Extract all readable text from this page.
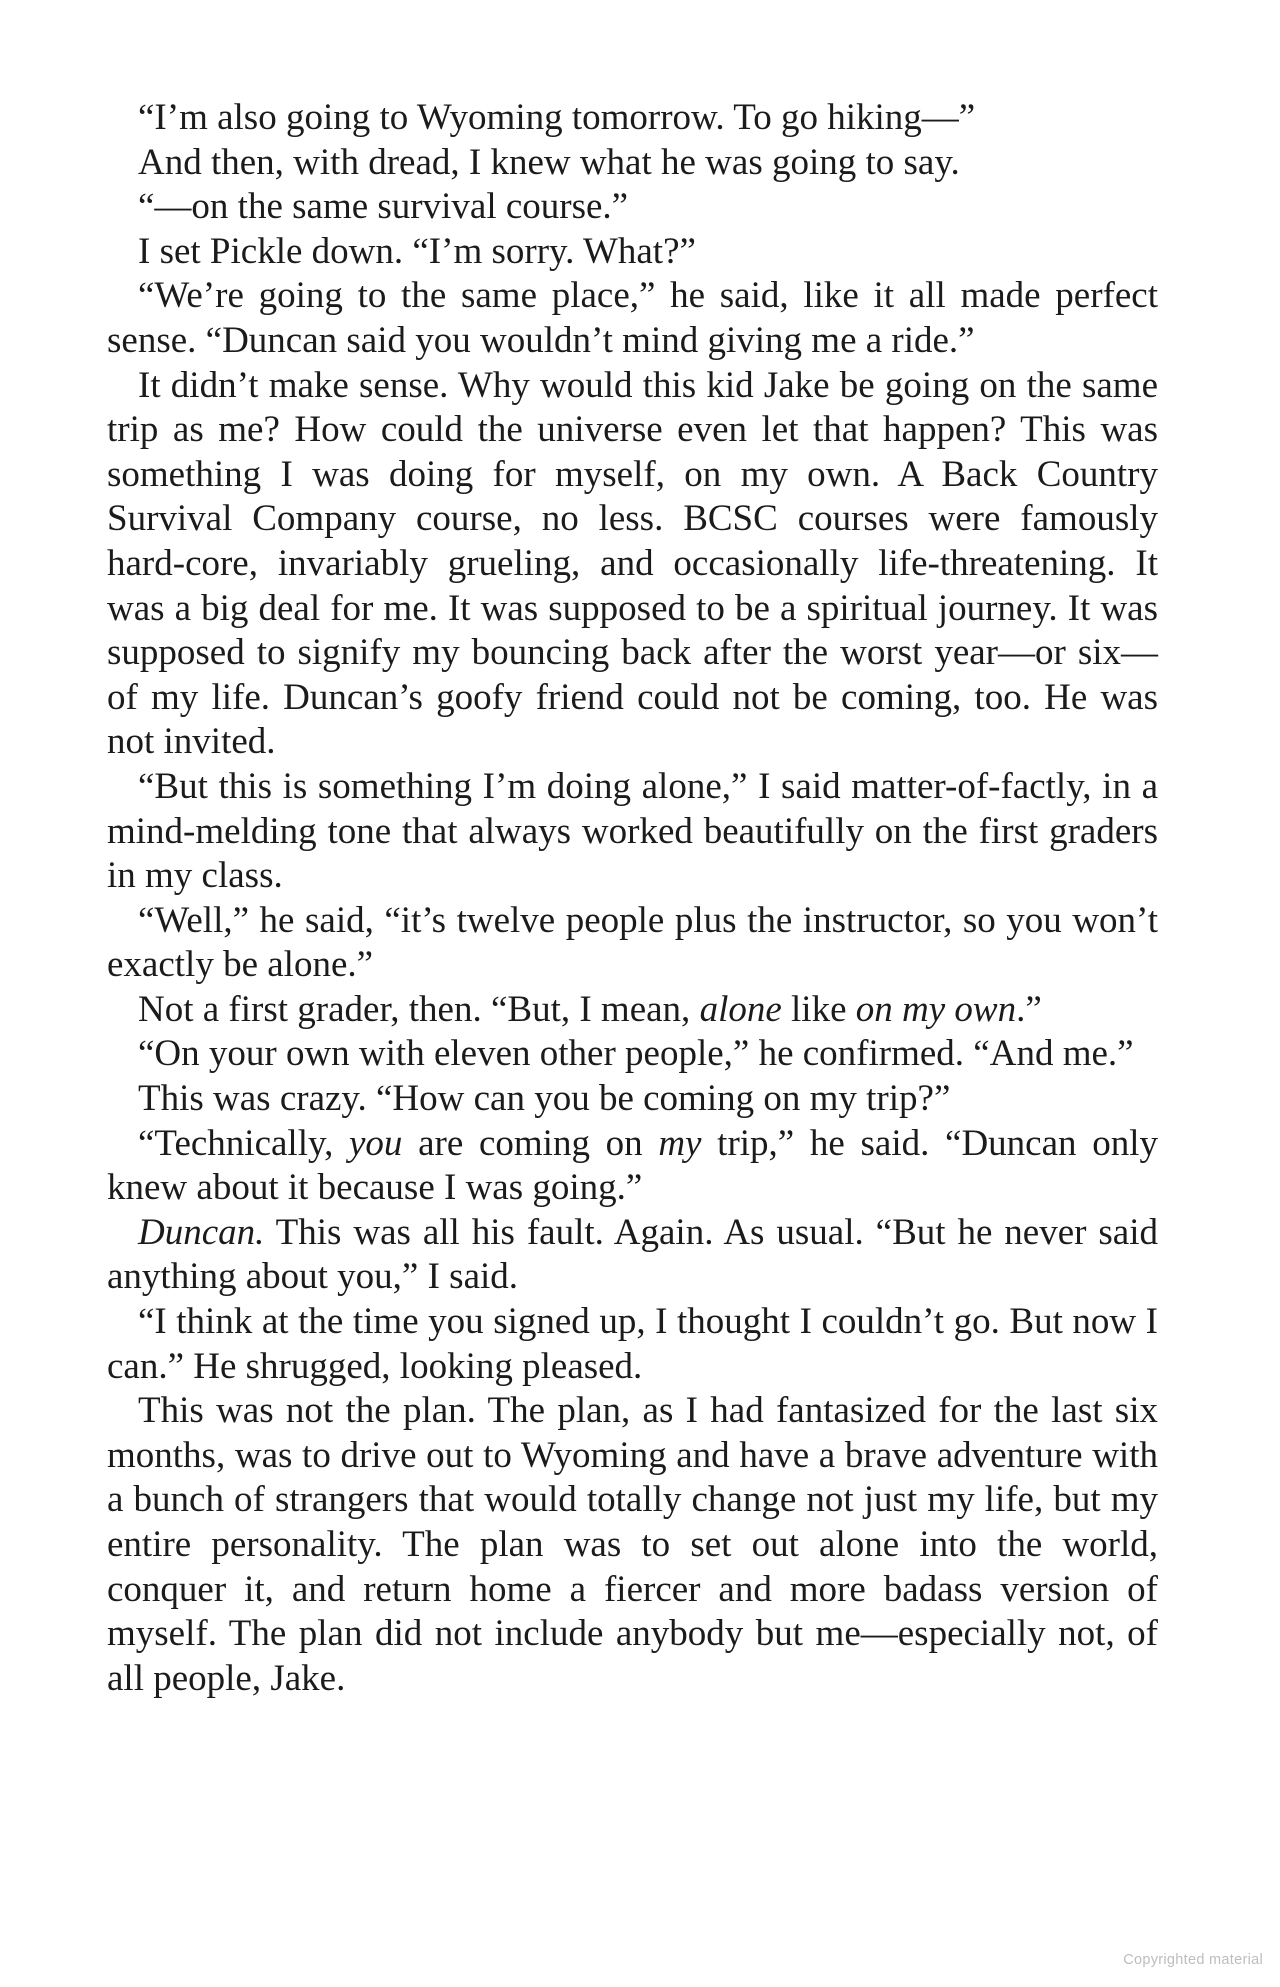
“I’m also going to Wyoming tomorrow. To go hiking—”

And then, with dread, I knew what he was going to say.

“—on the same survival course.”

I set Pickle down. “I’m sorry. What?”

“We’re going to the same place,” he said, like it all made perfect sense. “Duncan said you wouldn’t mind giving me a ride.”

It didn’t make sense. Why would this kid Jake be going on the same trip as me? How could the universe even let that happen? This was something I was doing for myself, on my own. A Back Country Survival Company course, no less. BCSC courses were famously hard-core, invariably grueling, and occasionally life-threatening. It was a big deal for me. It was supposed to be a spiritual journey. It was supposed to signify my bouncing back after the worst year—or six—of my life. Duncan’s goofy friend could not be coming, too. He was not invited.

“But this is something I’m doing alone,” I said matter-of-factly, in a mind-melding tone that always worked beautifully on the first graders in my class.

“Well,” he said, “it’s twelve people plus the instructor, so you won’t exactly be alone.”

Not a first grader, then. “But, I mean, alone like on my own.”

“On your own with eleven other people,” he confirmed. “And me.”

This was crazy. “How can you be coming on my trip?”

“Technically, you are coming on my trip,” he said. “Duncan only knew about it because I was going.”

Duncan. This was all his fault. Again. As usual. “But he never said anything about you,” I said.

“I think at the time you signed up, I thought I couldn’t go. But now I can.” He shrugged, looking pleased.

This was not the plan. The plan, as I had fantasized for the last six months, was to drive out to Wyoming and have a brave adventure with a bunch of strangers that would totally change not just my life, but my entire personality. The plan was to set out alone into the world, conquer it, and return home a fiercer and more badass version of myself. The plan did not include anybody but me—especially not, of all people, Jake.

Copyrighted material
